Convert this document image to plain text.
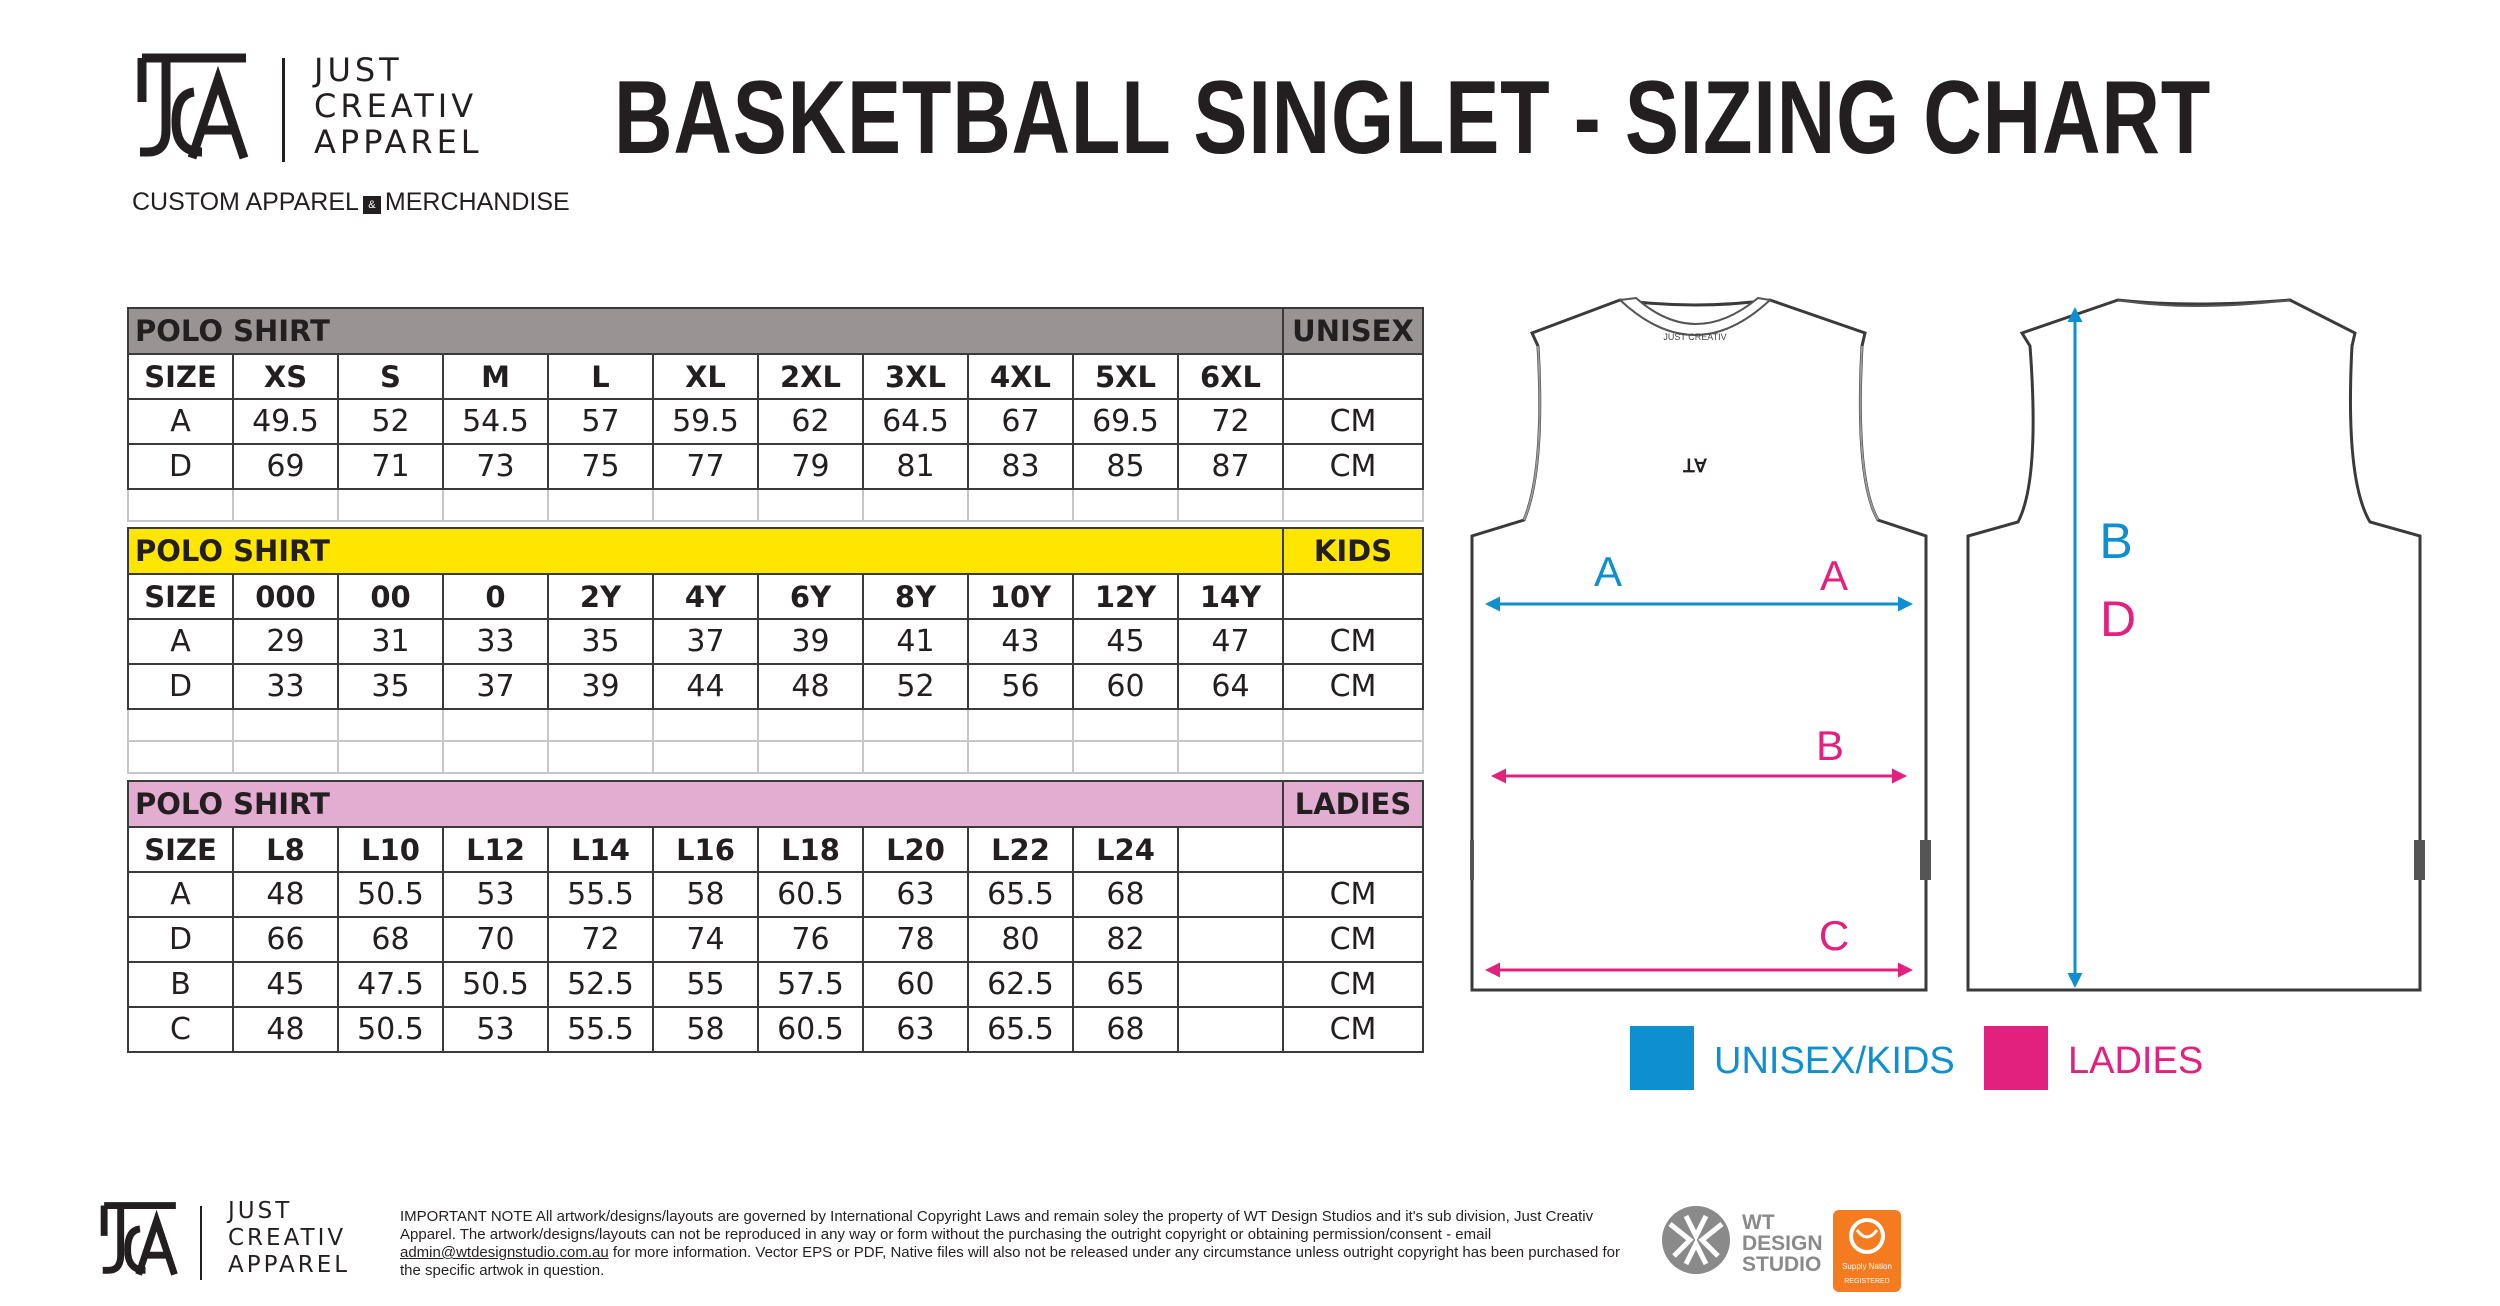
JUST
CREATIV
APPAREL
CUSTOM APPAREL & MERCHANDISE
BASKETBALL SINGLET - SIZING CHART
POLO SHIRT											UNISEX
SIZE	XS	S	M	L	XL	2XL	3XL	4XL	5XL	6XL	
A	49.5	52	54.5	57	59.5	62	64.5	67	69.5	72	CM
D	69	71	73	75	77	79	81	83	85	87	CM

POLO SHIRT											KIDS
SIZE	000	00	0	2Y	4Y	6Y	8Y	10Y	12Y	14Y	
A	29	31	33	35	37	39	41	43	45	47	CM
D	33	35	37	39	44	48	52	56	60	64	CM

POLO SHIRT											LADIES
SIZE	L8	L10	L12	L14	L16	L18	L20	L22	L24		
A	48	50.5	53	55.5	58	60.5	63	65.5	68		CM
D	66	68	70	72	74	76	78	80	82		CM
B	45	47.5	50.5	52.5	55	57.5	60	62.5	65		CM
C	48	50.5	53	55.5	58	60.5	63	65.5	68		CM
JUST CREATIV
ꓕⱯ
A	A
B
C
B
D
UNISEX/KIDS	LADIES
JUST
CREATIV
APPAREL
IMPORTANT NOTE All artwork/designs/layouts are governed by International Copyright Laws and remain soley the property of WT Design Studios and it's sub division, Just Creativ Apparel. The artwork/designs/layouts can not be reproduced in any way or form without the purchasing the outright copyright or obtaining permission/consent - email admin@wtdesignstudio.com.au for more information. Vector EPS or PDF, Native files will also not be released under any circumstance unless outright copyright has been purchased for the specific artwok in question.
WT
DESIGN
STUDIO	Supply Nation
REGISTERED
